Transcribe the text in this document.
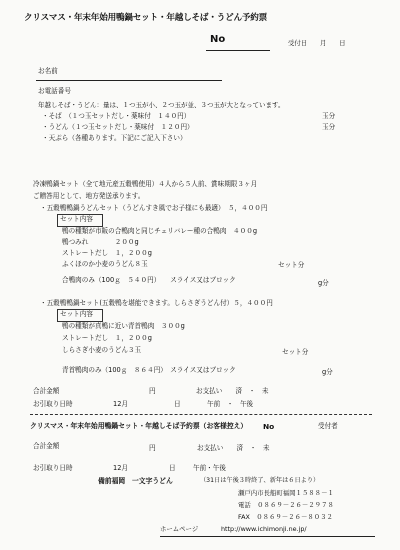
クリスマス・年末年始用鴨鍋セット・年越しそば・うどん予約票
No	受付日　　月　　日
お名前
お電話番号
年越しそば・うどん：量は、１つ玉が小、２つ玉が並、３つ玉が大となっています。
・そば　（１つ玉セットだし・薬味付　１４０円）	玉分
・うどん（１つ玉セットだし・薬味付　１２０円）	玉分
・天ぷら（各種あります。下記にご記入下さい）
冷凍鴨鍋セット（全て地元産五穀鴨使用）４人から５人前、賞味期限３ヶ月
ご贈答用として、地方発送承ります。
・五穀鴨鴨鍋うどんセット（うどんすき風でお子様にも最適）　５，４００円
セット内容
鴨の種類が市販の合鴨肉と同じチェリバレー種の合鴨肉　４００g
鴨つみれ　　　　２００g
ストレートだし　１，２００g
ふくほのか小麦のうどん８玉	セット分
合鴨肉のみ（100ｇ　５４０円）　　スライス又はブロック	g分
・五穀鴨鴨鍋セット(五穀鴨を堪能できます。しらさぎうどん付）５，４００円
セット内容
鴨の種類が真鴨に近い青首鴨肉　３００g
ストレートだし　１，２００g
しらさぎ小麦のうどん３玉	セット分
青首鴨肉のみ（100ｇ　８６４円）　スライス又はブロック	g分
合計金額	円	お支払い　　済　・　未
お引取り日時	12月	日	午前　・　午後
クリスマス・年末年始用鴨鍋セット・年越しそば予約票（お客様控え） No	受付者
合計金額	円	お支払い　　済　・　未
お引取り日時	12月	日	午前・午後
備前福岡　一文字うどん	（31日は午後３時終了、新年は６日より）
瀬戸内市長船町福岡１５８８－１
電話　０８６９－２６－２９７８
FAX　０８６９－２６－８０３２
ホームページ	http://www.ichimonji.ne.jp/
